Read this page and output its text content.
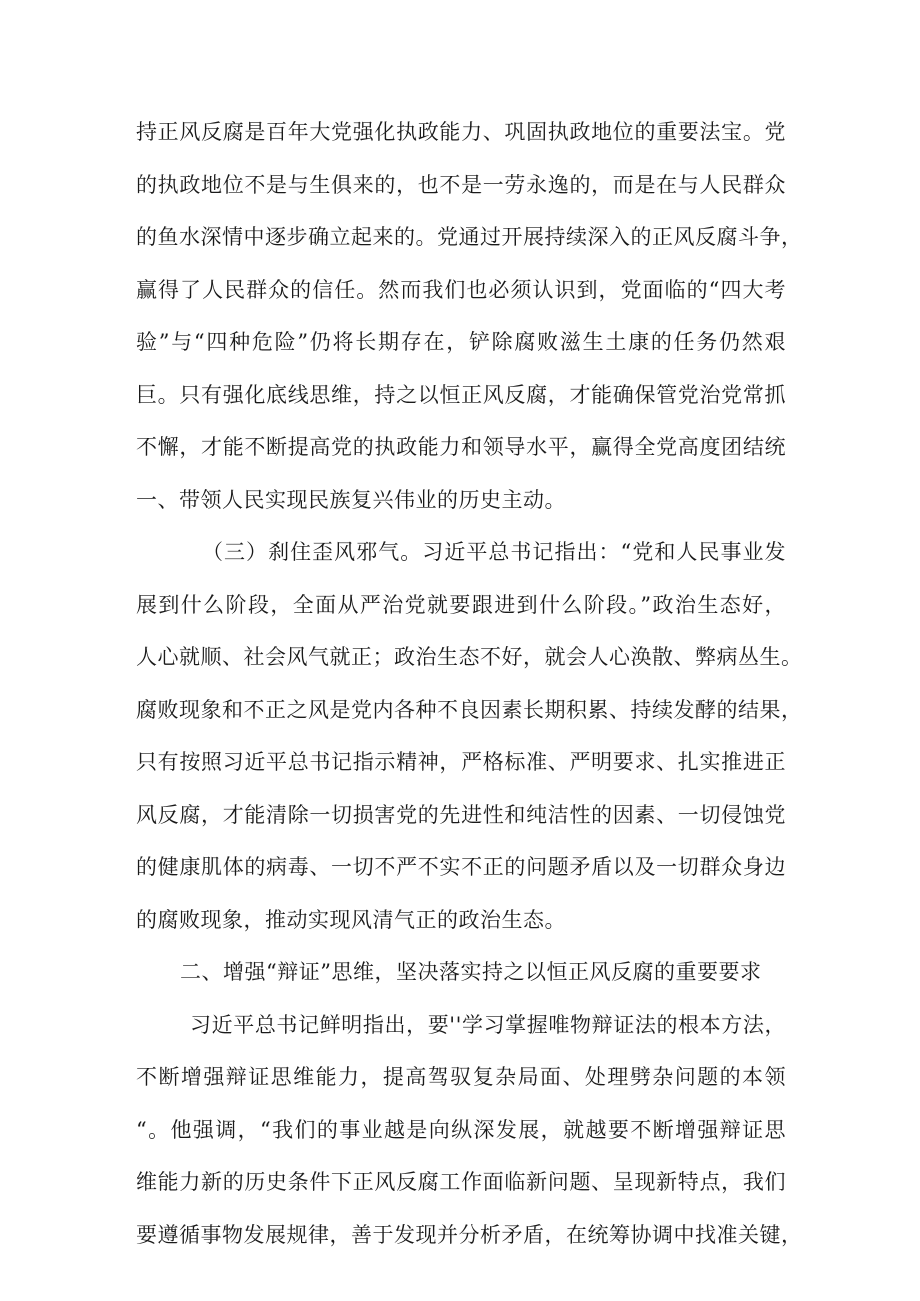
持正风反腐是百年大党强化执政能力、巩固执政地位的重要法宝。党
的执政地位不是与生俱来的，也不是一劳永逸的，而是在与人民群众
的鱼水深情中逐步确立起来的。党通过开展持续深入的正风反腐斗争，
赢得了人民群众的信任。然而我们也必须认识到，党面临的“四大考
验”与“四种危险”仍将长期存在，铲除腐败滋生土康的任务仍然艰
巨。只有强化底线思维，持之以恒正风反腐，才能确保管党治党常抓
不懈，才能不断提高党的执政能力和领导水平，赢得全党高度团结统
一、带领人民实现民族复兴伟业的历史主动。
（三）刹住歪风邪气。习近平总书记指出：“党和人民事业发
展到什么阶段，全面从严治党就要跟进到什么阶段。”政治生态好，
人心就顺、社会风气就正；政治生态不好，就会人心涣散、弊病丛生。
腐败现象和不正之风是党内各种不良因素长期积累、持续发酵的结果，
只有按照习近平总书记指示精神，严格标准、严明要求、扎实推进正
风反腐，才能清除一切损害党的先进性和纯洁性的因素、一切侵蚀党
的健康肌体的病毒、一切不严不实不正的问题矛盾以及一切群众身边
的腐败现象，推动实现风清气正的政治生态。
二、增强“辩证”思维，坚决落实持之以恒正风反腐的重要要求
习近平总书记鲜明指出，要''学习掌握唯物辩证法的根本方法，
不断增强辩证思维能力，提高驾驭复杂局面、处理劈杂问题的本领
“。他强调，“我们的事业越是向纵深发展，就越要不断增强辩证思
维能力新的历史条件下正风反腐工作面临新问题、呈现新特点，我们
要遵循事物发展规律，善于发现并分析矛盾，在统筹协调中找准关键，
